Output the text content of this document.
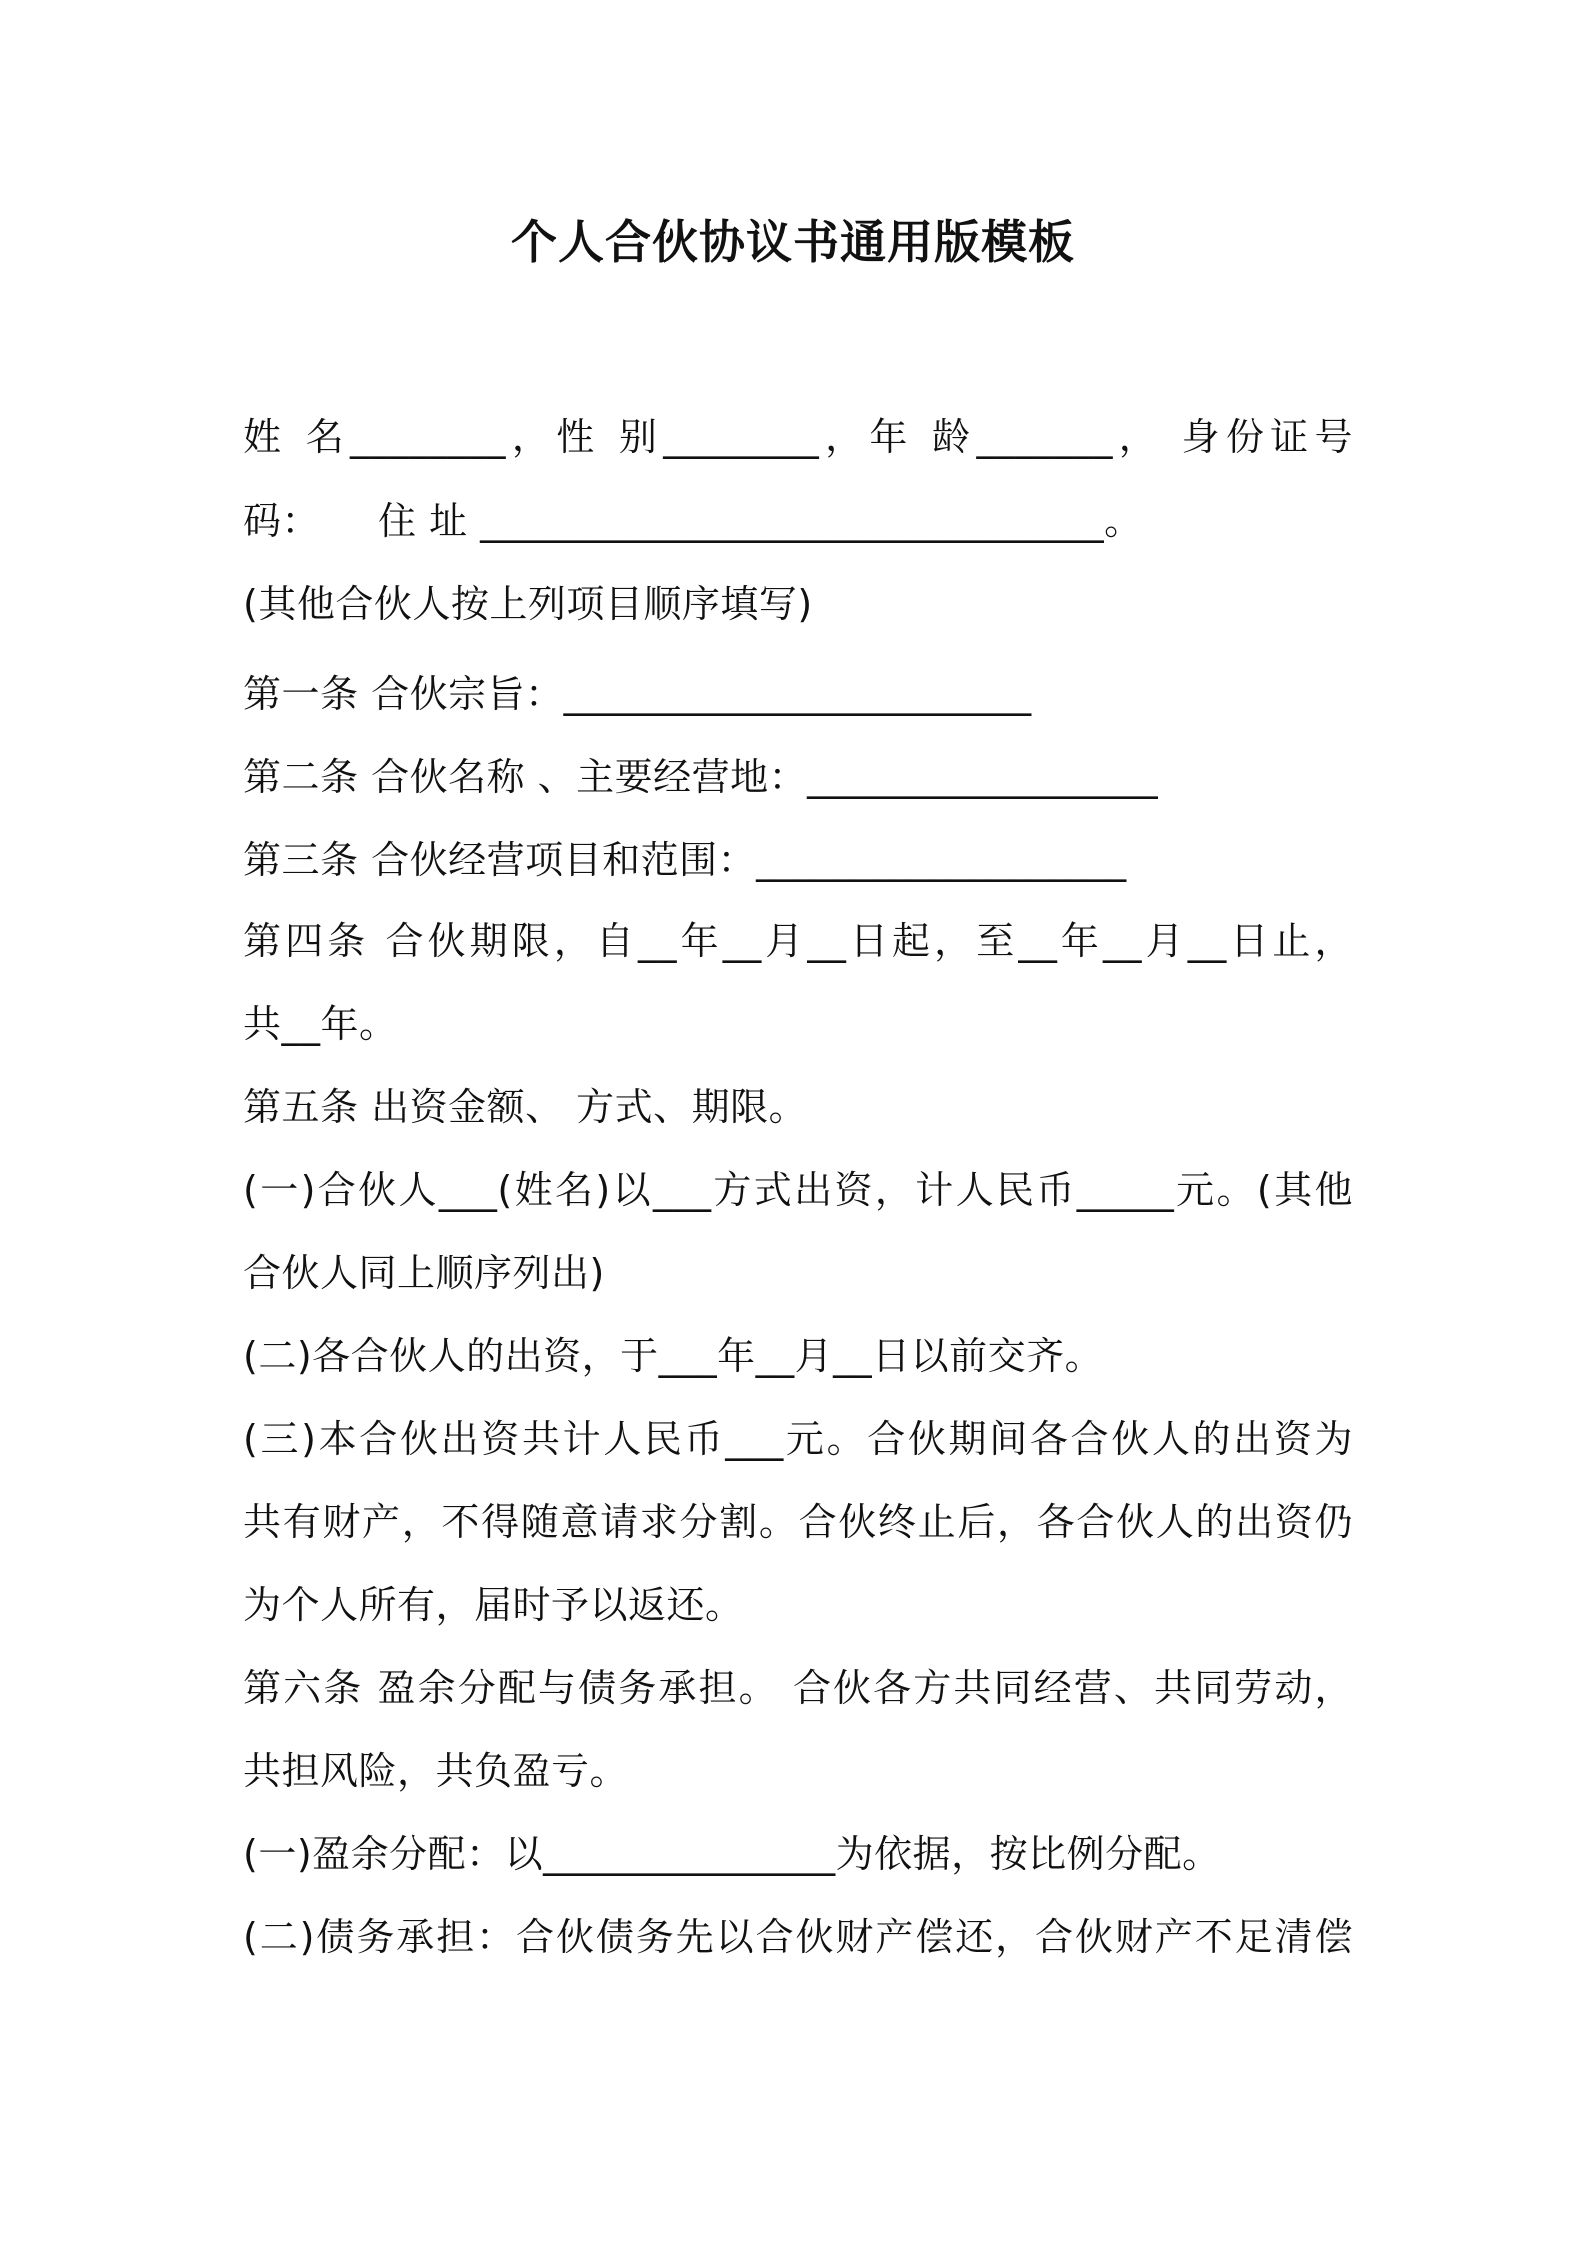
个人合伙协议书通用版模板
姓 名________，性 别________，年 龄_______， 身份证号
码：　　住 址 ________________________________。
(其他合伙人按上列项目顺序填写)
第一条 合伙宗旨：________________________
第二条 合伙名称 、主要经营地：__________________
第三条 合伙经营项目和范围：___________________
第四条 合伙期限，自__年__月__日起，至__年__月__日止，
共__年。
第五条 出资金额、 方式、期限。
(一)合伙人___(姓名)以___方式出资，计人民币_____元。(其他
合伙人同上顺序列出)
(二)各合伙人的出资，于___年__月__日以前交齐。
(三)本合伙出资共计人民币___元。合伙期间各合伙人的出资为
共有财产，不得随意请求分割。合伙终止后，各合伙人的出资仍
为个人所有，届时予以返还。
第六条 盈余分配与债务承担。 合伙各方共同经营、共同劳动，
共担风险，共负盈亏。
(一)盈余分配：以_______________为依据，按比例分配。
(二)债务承担：合伙债务先以合伙财产偿还，合伙财产不足清偿
